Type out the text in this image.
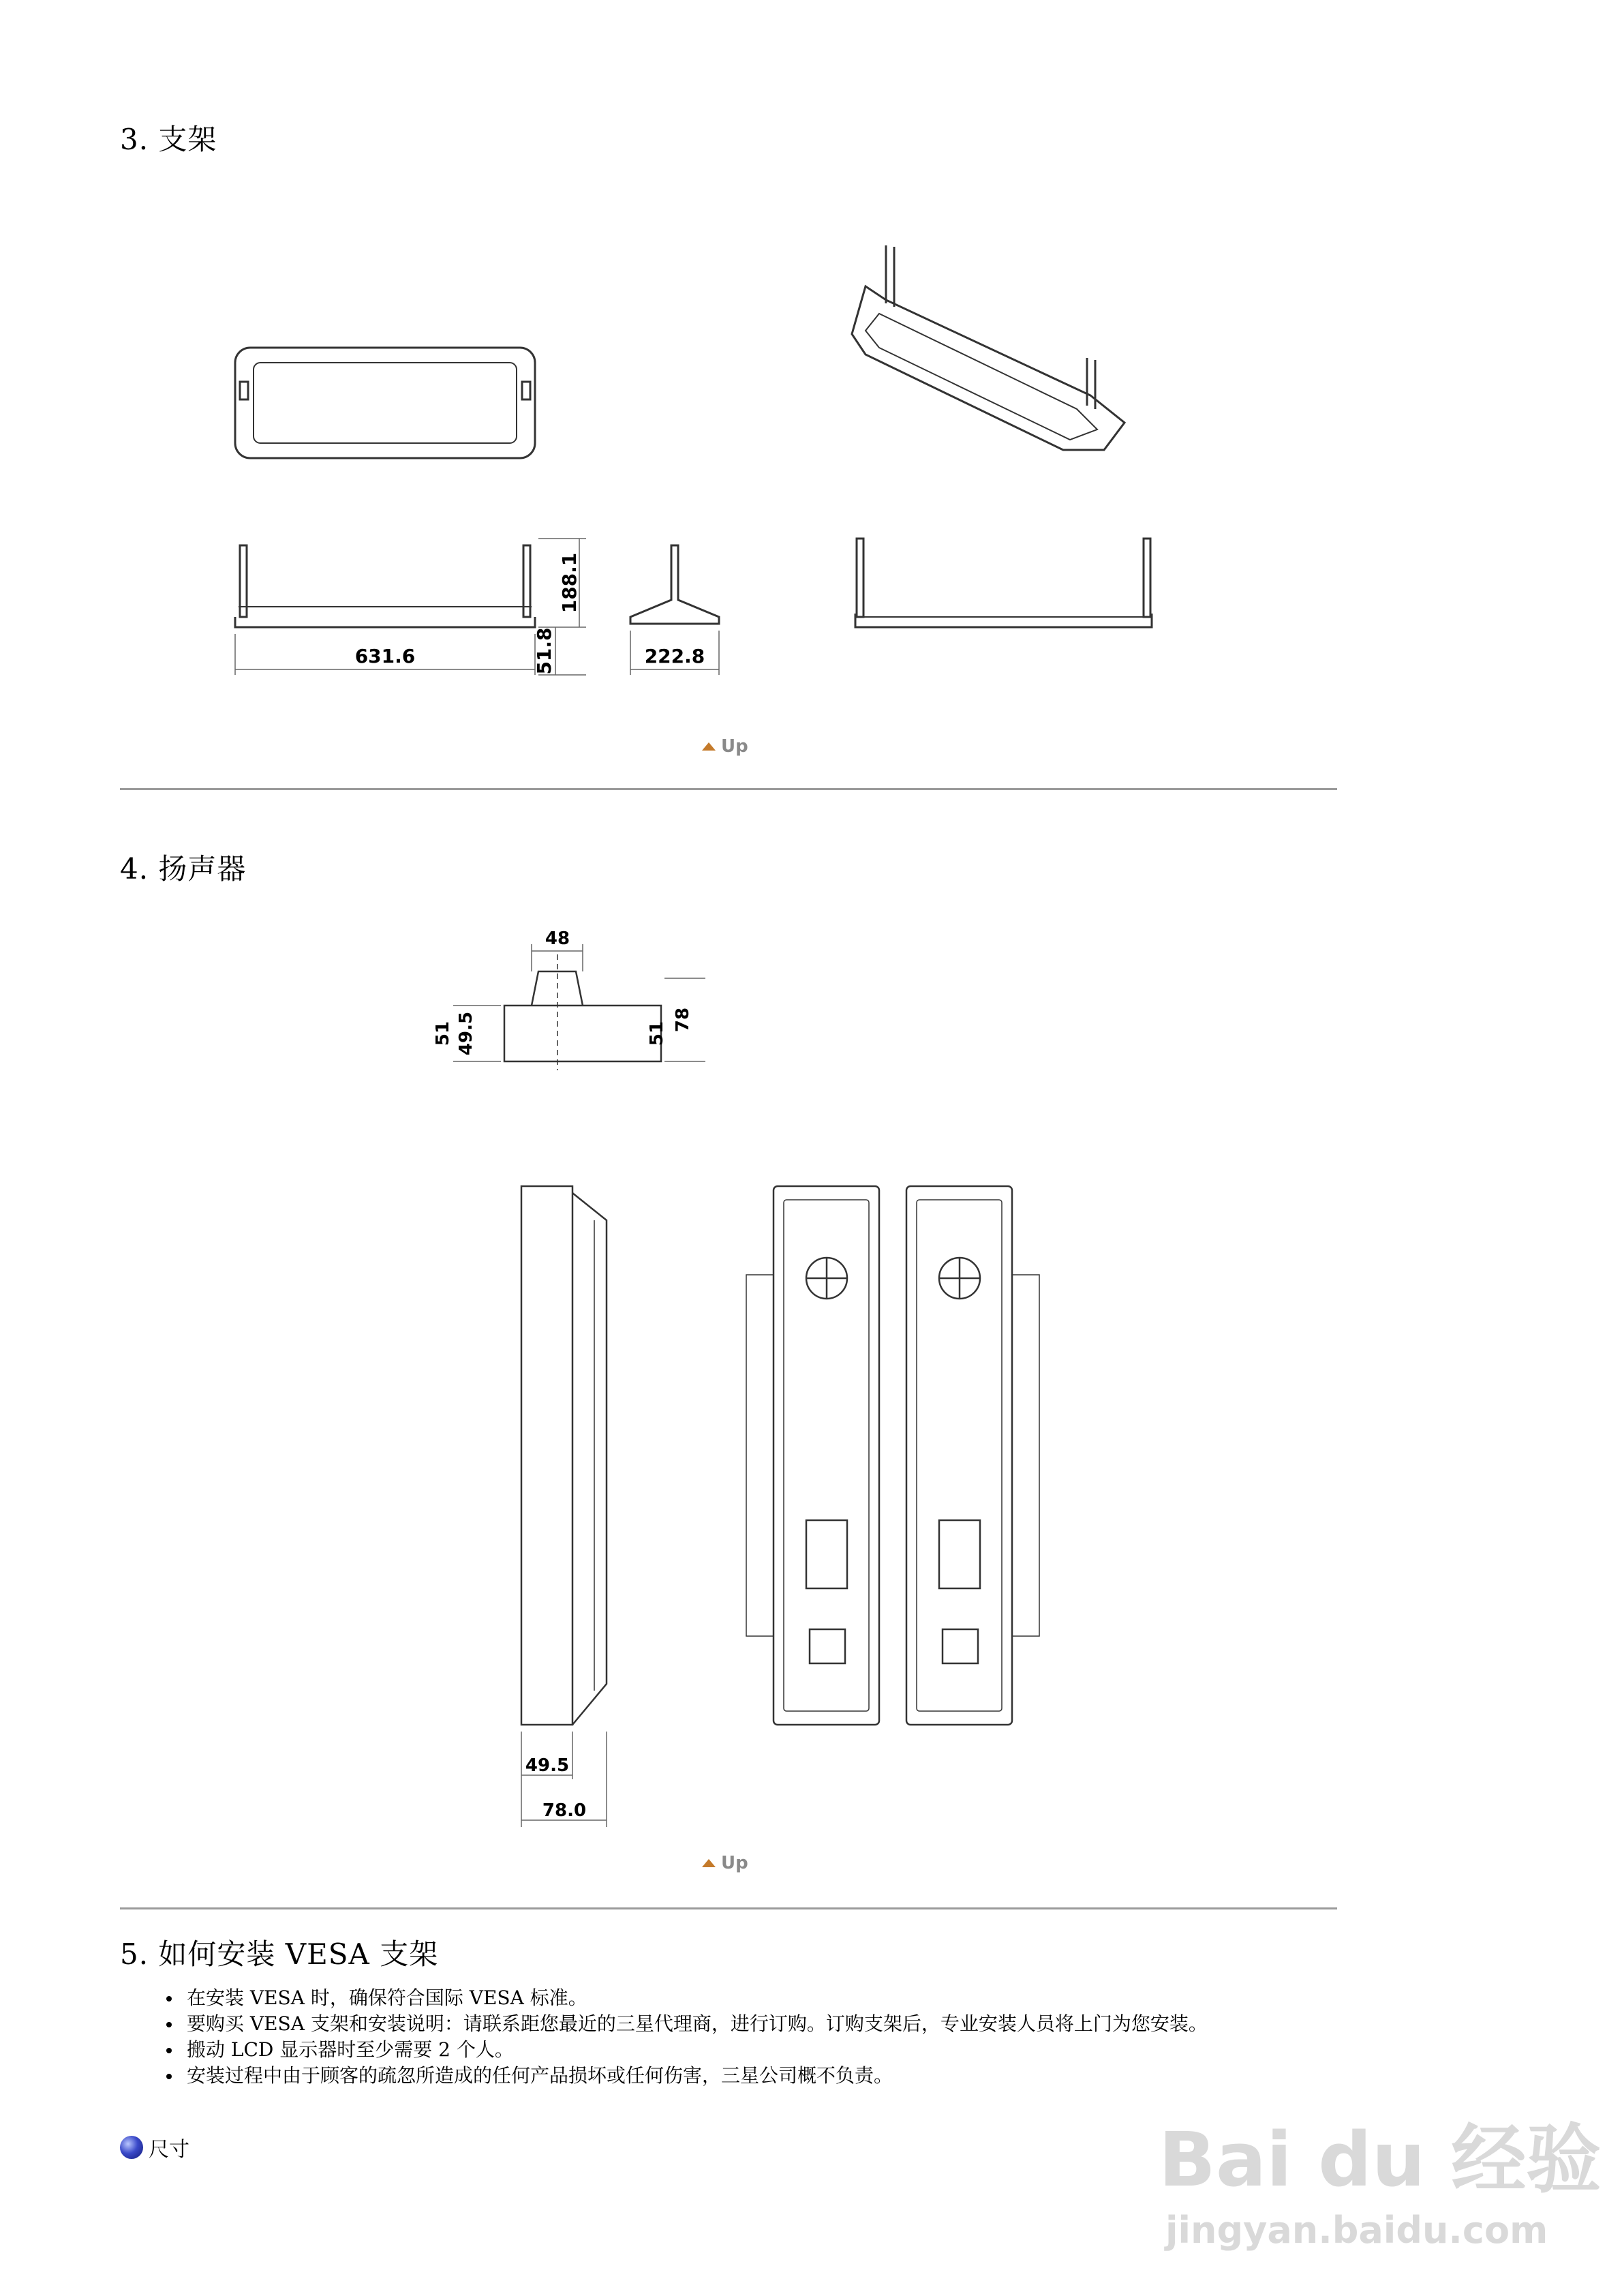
3. 支架
631.6
188.1
51.8	222.8
Up
4. 扬声器
48
51 49.5	51
78
49.5
78.0
Up
5. 如何安装 VESA 支架
在安装 VESA 时，确保符合国际 VESA 标准。
要购买 VESA 支架和安装说明：请联系距您最近的三星代理商，进行订购。订购支架后，专业安装人员将上门为您安装。
搬动 LCD 显示器时至少需要 2 个人。
安装过程中由于顾客的疏忽所造成的任何产品损坏或任何伤害，三星公司概不负责。
尺寸	Bai du 经验
jingyan.baidu.com
